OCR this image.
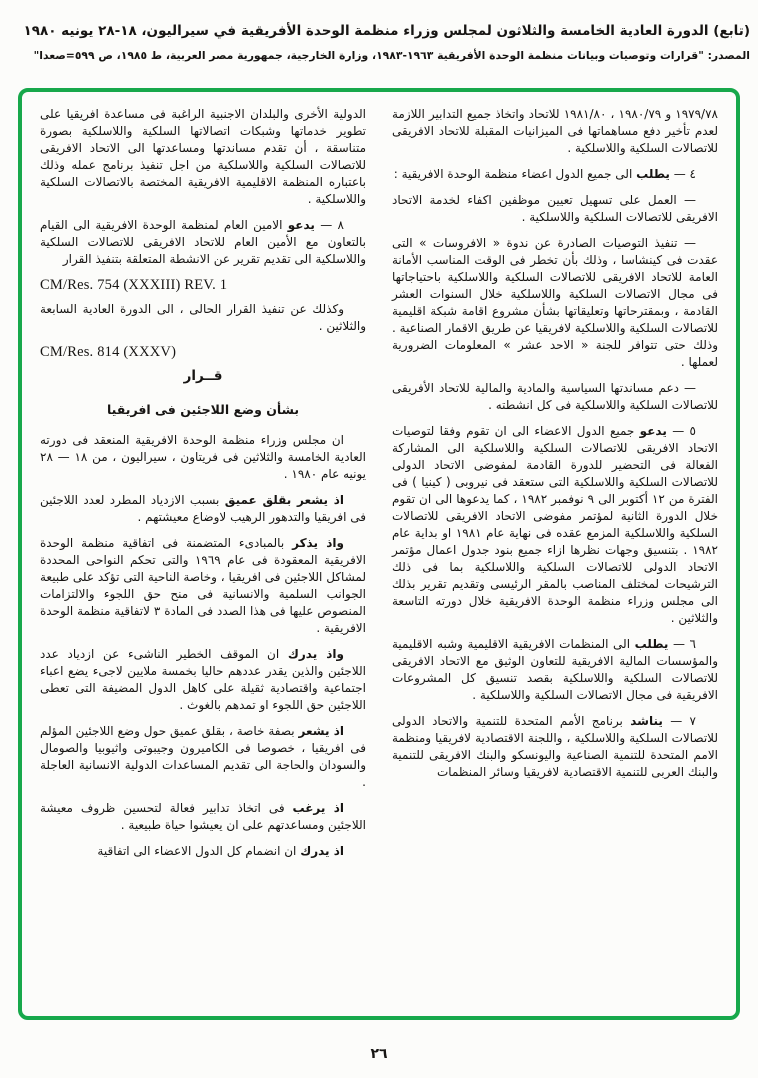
(تابع) الدورة العادية الخامسة والثلاثون لمجلس وزراء منظمة الوحدة الأفريقية في سيراليون، ١٨-٢٨ يونيه ١٩٨٠
المصدر: "قرارات وتوصيات وبيانات منظمة الوحدة الأفريقية ١٩٦٣-١٩٨٣، وزارة الخارجية، جمهورية مصر العربية، ط ١٩٨٥، ص ٥٩٩=صعدا"

١٩٧٩/٧٨ و ١٩٨٠/٧٩ ، ١٩٨١/٨٠ للاتحاد واتخاذ جميع التدابير اللازمة لعدم تأخير دفع مساهماتها فى الميزانيات المقبلة للاتحاد الافريقى للاتصالات السلكية واللاسلكية .

٤ — يطلب الى جميع الدول اعضاء منظمة الوحدة الافريقية :

— العمل على تسهيل تعيين موظفين اكفاء لخدمة الاتحاد الافريقى للاتصالات السلكية واللاسلكية .

— تنفيذ التوصيات الصادرة عن ندوة « الافروسات » التى عقدت فى كينشاسا ، وذلك بأن تخطر فى الوقت المناسب الأمانة العامة للاتحاد الافريقى للاتصالات السلكية واللاسلكية باحتياجاتها فى مجال الاتصالات السلكية واللاسلكية خلال السنوات العشر القادمة ، وبمقترحاتها وتعليقاتها بشأن مشروع اقامة شبكة اقليمية للاتصالات السلكية واللاسلكية لافريقيا عن طريق الاقمار الصناعية . وذلك حتى تتوافر للجنة « الاحد عشر » المعلومات الضرورية لعملها .

— دعم مساندتها السياسية والمادية والمالية للاتحاد الأفريقى للاتصالات السلكية واللاسلكية فى كل انشطته .

٥ — يدعو جميع الدول الاعضاء الى ان تقوم وفقا لتوصيات الاتحاد الافريقى للاتصالات السلكية واللاسلكية الى المشاركة الفعالة فى التحضير للدورة القادمة لمفوضى الاتحاد الدولى للاتصالات السلكية واللاسلكية التى ستعقد فى نيروبى ( كينيا ) فى الفترة من ١٢ أكتوبر الى ٩ نوفمبر ١٩٨٢ ، كما يدعوها الى ان تقوم خلال الدورة الثانية لمؤتمر مفوضى الاتحاد الافريقى للاتصالات السلكية واللاسلكية المزمع عقده فى نهاية عام ١٩٨١ او بداية عام ١٩٨٢ . بتنسيق وجهات نظرها ازاء جميع بنود جدول اعمال مؤتمر الاتحاد الدولى للاتصالات السلكية واللاسلكية بما فى ذلك الترشيحات لمختلف المناصب بالمقر الرئيسى وتقديم تقرير بذلك الى مجلس وزراء منظمة الوحدة الافريقية خلال دورته التاسعة والثلاثين .

٦ — يطلب الى المنظمات الافريقية الاقليمية وشبه الاقليمية والمؤسسات المالية الافريقية للتعاون الوثيق مع الاتحاد الافريقى للاتصالات السلكية واللاسلكية بقصد تنسيق كل المشروعات الافريقية فى مجال الاتصالات السلكية واللاسلكية .

٧ — يناشد برنامج الأمم المتحدة للتنمية والاتحاد الدولى للاتصالات السلكية واللاسلكية ، واللجنة الاقتصادية لافريقيا ومنظمة الامم المتحدة للتنمية الصناعية واليونسكو والبنك الافريقى للتنمية والبنك العربى للتنمية الاقتصادية لافريقيا وسائر المنظمات

الدولية الأخرى والبلدان الاجنبية الراغبة فى مساعدة افريقيا على تطوير خدماتها وشبكات اتصالاتها السلكية واللاسلكية بصورة متناسقة ، أن تقدم مساندتها ومساعدتها الى الاتحاد الافريقى للاتصالات السلكية واللاسلكية من اجل تنفيذ برنامج عمله وذلك باعتباره المنظمة الاقليمية الافريقية المختصة بالاتصالات السلكية واللاسلكية .

٨ — يدعو الامين العام لمنظمة الوحدة الافريقية الى القيام بالتعاون مع الأمين العام للاتحاد الافريقى للاتصالات السلكية واللاسلكية الى تقديم تقرير عن الانشطة المتعلقة بتنفيذ القرار

CM/Res. 754 (XXXIII) REV. 1

وكذلك عن تنفيذ القرار الحالى ، الى الدورة العادية السابعة والثلاثين .

CM/Res. 814 (XXXV)

قــرار

بشأن وضع اللاجئين فى افريقيا

ان مجلس وزراء منظمة الوحدة الافريقية المنعقد فى دورته العادية الخامسة والثلاثين فى فريتاون ، سيراليون ، من ١٨ — ٢٨ يونيه عام ١٩٨٠ .

اذ يشعر بقلق عميق بسبب الازدياد المطرد لعدد اللاجئين فى افريقيا والتدهور الرهيب لاوضاع معيشتهم .

واذ يذكر بالمبادىء المتضمنة فى اتفاقية منظمة الوحدة الافريقية المعقودة فى عام ١٩٦٩ والتى تحكم النواحى المحددة لمشاكل اللاجئين فى افريقيا ، وخاصة الناحية التى تؤكد على طبيعة الجوانب السلمية والانسانية فى منح حق اللجوء والالتزامات المنصوص عليها فى هذا الصدد فى المادة ٣ لاتفاقية منظمة الوحدة الافريقية .

واذ يدرك ان الموقف الخطير الناشىء عن ازدياد عدد اللاجئين والذين يقدر عددهم حاليا بخمسة ملايين لاجىء يضع اعباء اجتماعية واقتصادية ثقيلة على كاهل الدول المضيفة التى تعطى اللاجئين حق اللجوء او تمدهم بالغوث .

اذ يشعر بصفة خاصة ، بقلق عميق حول وضع اللاجئين المؤلم فى افريقيا ، خصوصا فى الكاميرون وجيبوتى واثيوبيا والصومال والسودان والحاجة الى تقديم المساعدات الدولية الانسانية العاجلة .

اذ يرغب فى اتخاذ تدابير فعالة لتحسين ظروف معيشة اللاجئين ومساعدتهم على ان يعيشوا حياة طبيعية .

اذ يدرك ان انضمام كل الدول الاعضاء الى اتفاقية

٢٦
